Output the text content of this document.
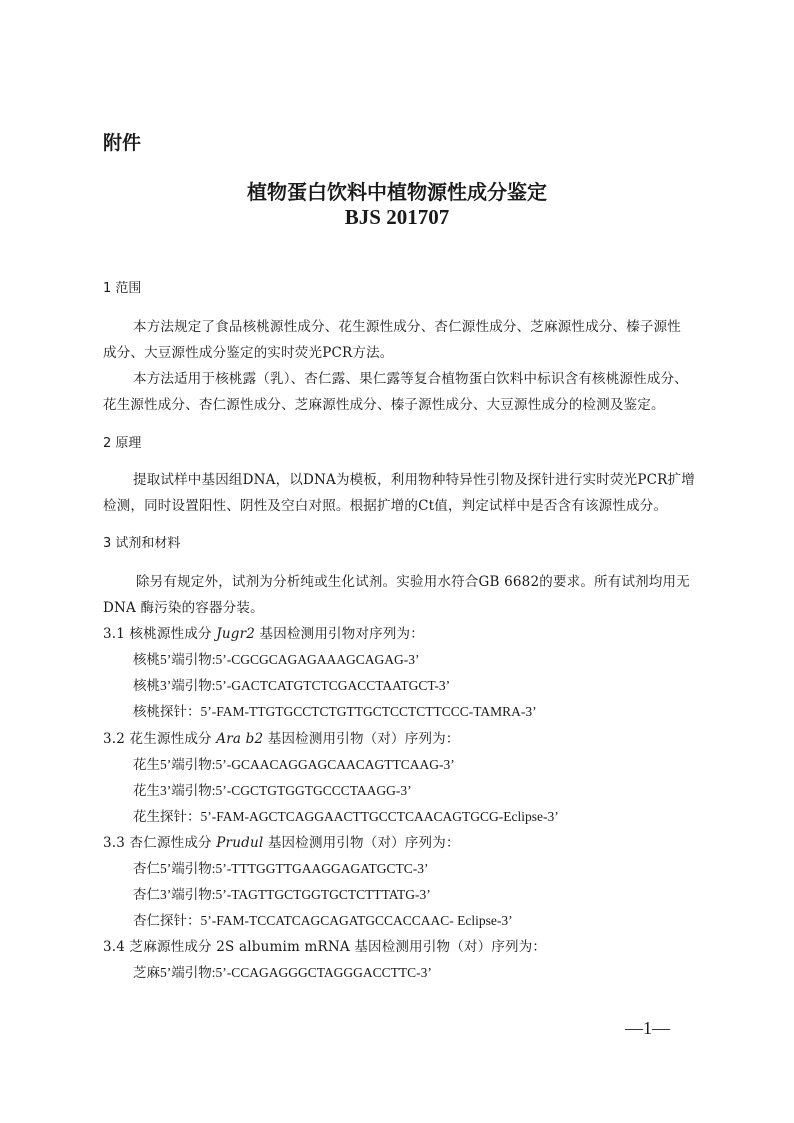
附件
植物蛋白饮料中植物源性成分鉴定
BJS 201707
1 范围
本方法规定了食品核桃源性成分、花生源性成分、杏仁源性成分、芝麻源性成分、榛子源性
成分、大豆源性成分鉴定的实时荧光PCR方法。
本方法适用于核桃露（乳）、杏仁露、果仁露等复合植物蛋白饮料中标识含有核桃源性成分、
花生源性成分、杏仁源性成分、芝麻源性成分、榛子源性成分、大豆源性成分的检测及鉴定。
2 原理
提取试样中基因组DNA，以DNA为模板，利用物种特异性引物及探针进行实时荧光PCR扩增
检测，同时设置阳性、阴性及空白对照。根据扩增的Ct值，判定试样中是否含有该源性成分。
3 试剂和材料
除另有规定外，试剂为分析纯或生化试剂。实验用水符合GB 6682的要求。所有试剂均用无
DNA 酶污染的容器分装。
3.1 核桃源性成分 Jugr2 基因检测用引物对序列为：
核桃5’端引物:5’-CGCGCAGAGAAAGCAGAG-3’
核桃3’端引物:5’-GACTCATGTCTCGACCTAATGCT-3’
核桃探针：5’-FAM-TTGTGCCTCTGTTGCTCCTCTTCCC-TAMRA-3’
3.2 花生源性成分 Ara b2 基因检测用引物（对）序列为：
花生5’端引物:5’-GCAACAGGAGCAACAGTTCAAG-3’
花生3’端引物:5’-CGCTGTGGTGCCCTAAGG-3’
花生探针：5’-FAM-AGCTCAGGAACTTGCCTCAACAGTGCG-Eclipse-3’
3.3 杏仁源性成分 Prudul 基因检测用引物（对）序列为：
杏仁5’端引物:5’-TTTGGTTGAAGGAGATGCTC-3’
杏仁3’端引物:5’-TAGTTGCTGGTGCTCTTTATG-3’
杏仁探针：5’-FAM-TCCATCAGCAGATGCCACCAAC- Eclipse-3’
3.4 芝麻源性成分 2S albumim mRNA 基因检测用引物（对）序列为：
芝麻5’端引物:5’-CCAGAGGGCTAGGGACCTTC-3’
—1—
